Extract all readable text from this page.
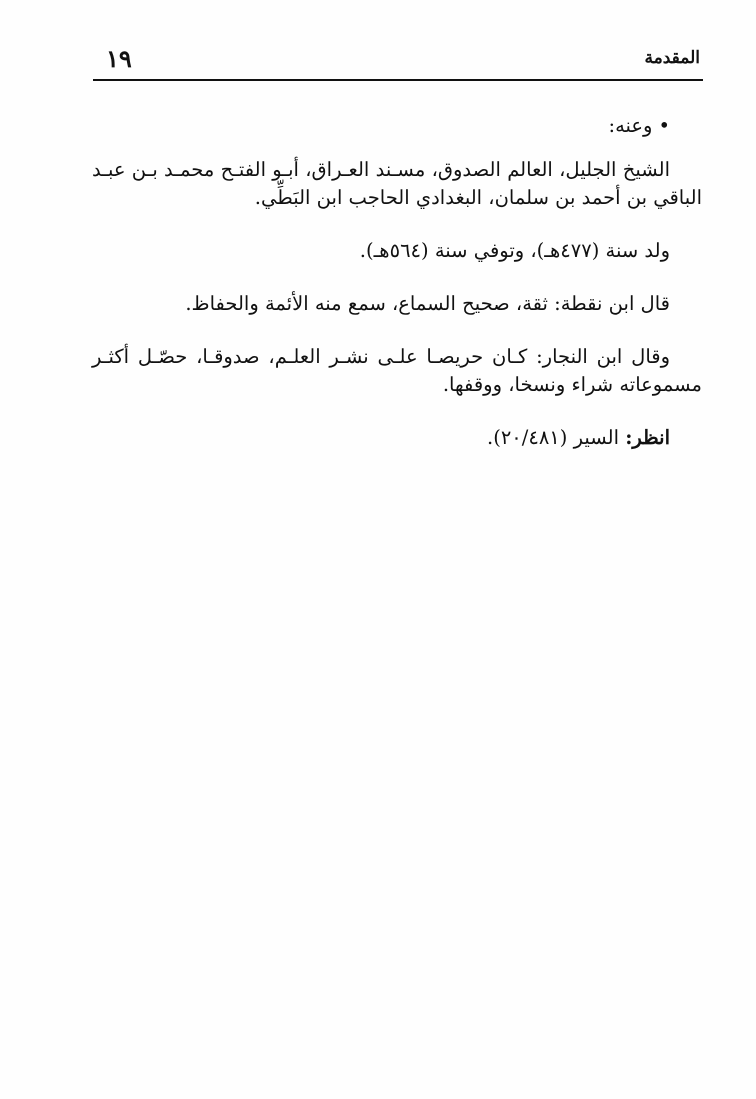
المقدمة
١٩

•وعنه:

الشيخ الجليل، العالم الصدوق، مسـند العـراق، أبـو الفتـح محمـد بـن عبـد
الباقي بن أحمد بن سلمان، البغدادي الحاجب ابن البَطِّي.

ولد سنة (٤٧٧هـ)، وتوفي سنة (٥٦٤هـ).

قال ابن نقطة: ثقة، صحيح السماع، سمع منه الأئمة والحفاظ.

وقال ابن النجار: كـان حريصـا علـى نشـر العلـم، صدوقـا، حصّـل أكثـر
مسموعاته شراء ونسخا، ووقفها.

انظر: السير (٢٠/٤٨١).
